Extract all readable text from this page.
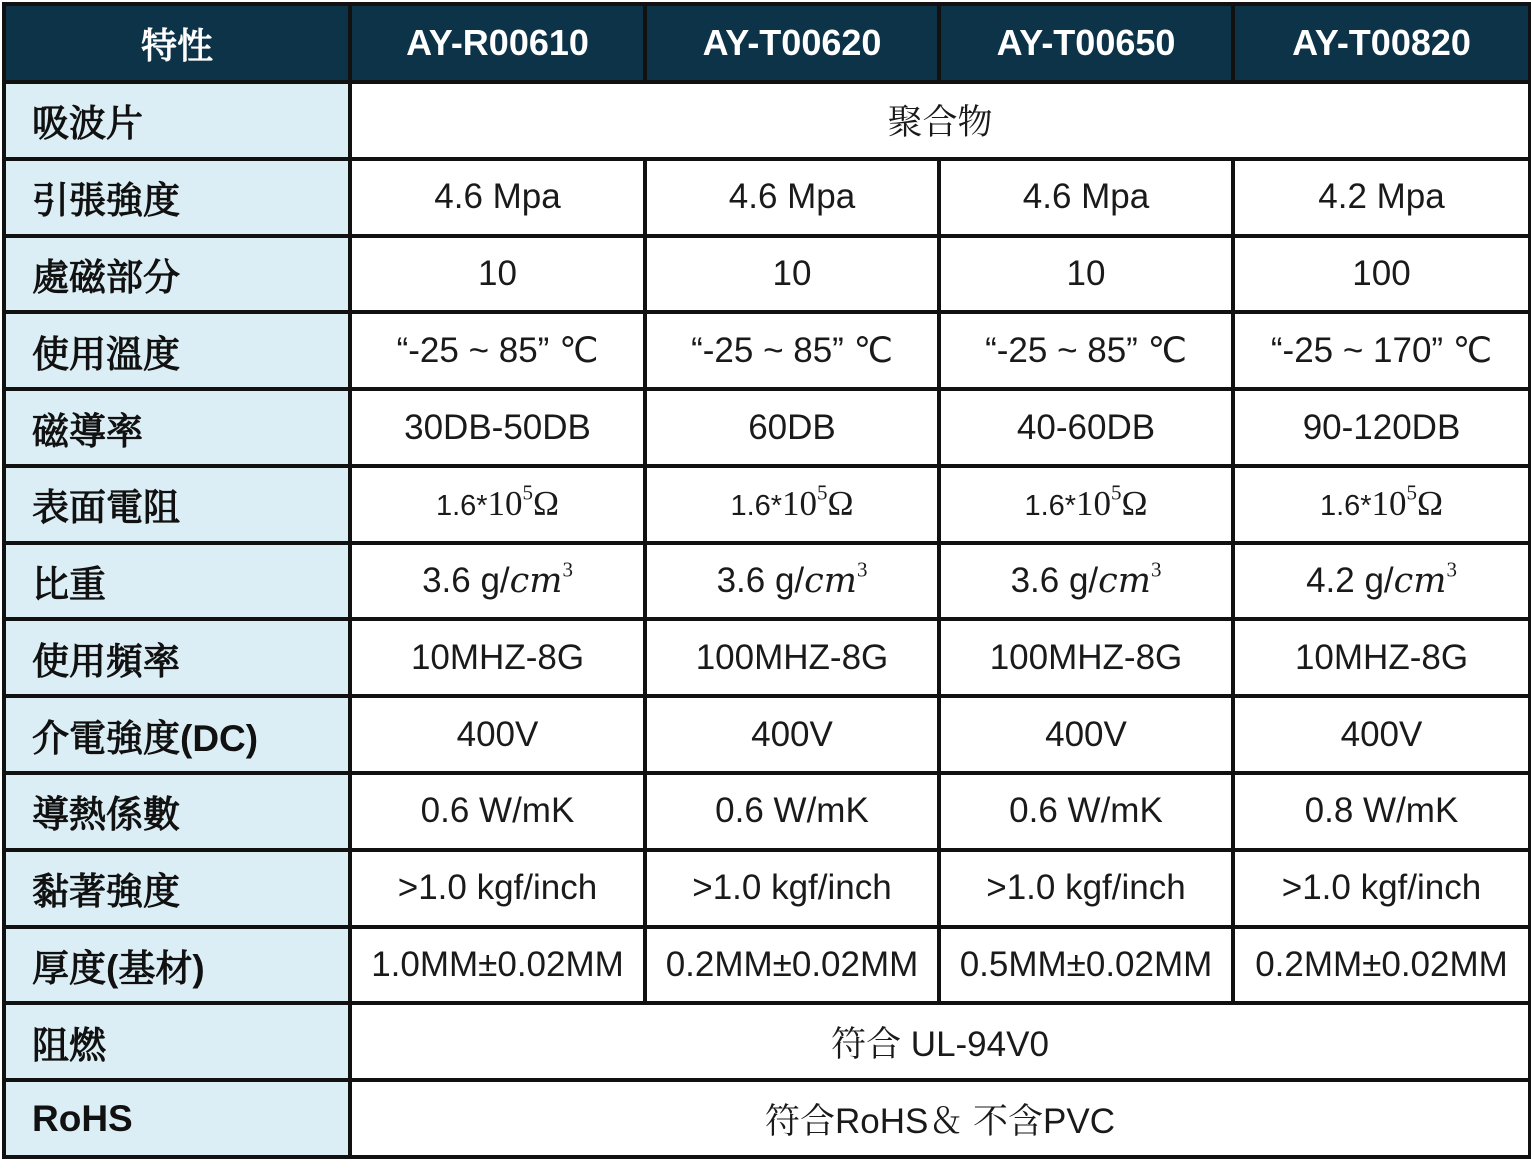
特性	AY-R00610	AY-T00620	AY-T00650	AY-T00820
吸波片	聚合物			
引張強度	4.6 Mpa	4.6 Mpa	4.6 Mpa	4.2 Mpa
處磁部分	10	10	10	100
使用溫度	“-25 ~ 85” ℃	“-25 ~ 85” ℃	“-25 ~ 85” ℃	“-25 ~ 170” ℃
磁導率	30DB-50DB	60DB	40-60DB	90-120DB
表面電阻	$1.6*10^5\Omega$	$1.6*10^5\Omega$	$1.6*10^5\Omega$	$1.6*10^5\Omega$
比重	3.6 $g/cm^3$	3.6 $g/cm^3$	3.6 $g/cm^3$	4.2 $g/cm^3$
使用頻率	10MHZ-8G	100MHZ-8G	100MHZ-8G	10MHZ-8G
介電強度(DC)	400V	400V	400V	400V
導熱係數	0.6 W/mK	0.6 W/mK	0.6 W/mK	0.8 W/mK
黏著強度	>1.0 kgf/inch	>1.0 kgf/inch	>1.0 kgf/inch	>1.0 kgf/inch
厚度(基材)	1.0MM±0.02MM	0.2MM±0.02MM	0.5MM±0.02MM	0.2MM±0.02MM
阻燃	符合 UL-94V0			
RoHS	符合RoHS＆ 不含PVC			
